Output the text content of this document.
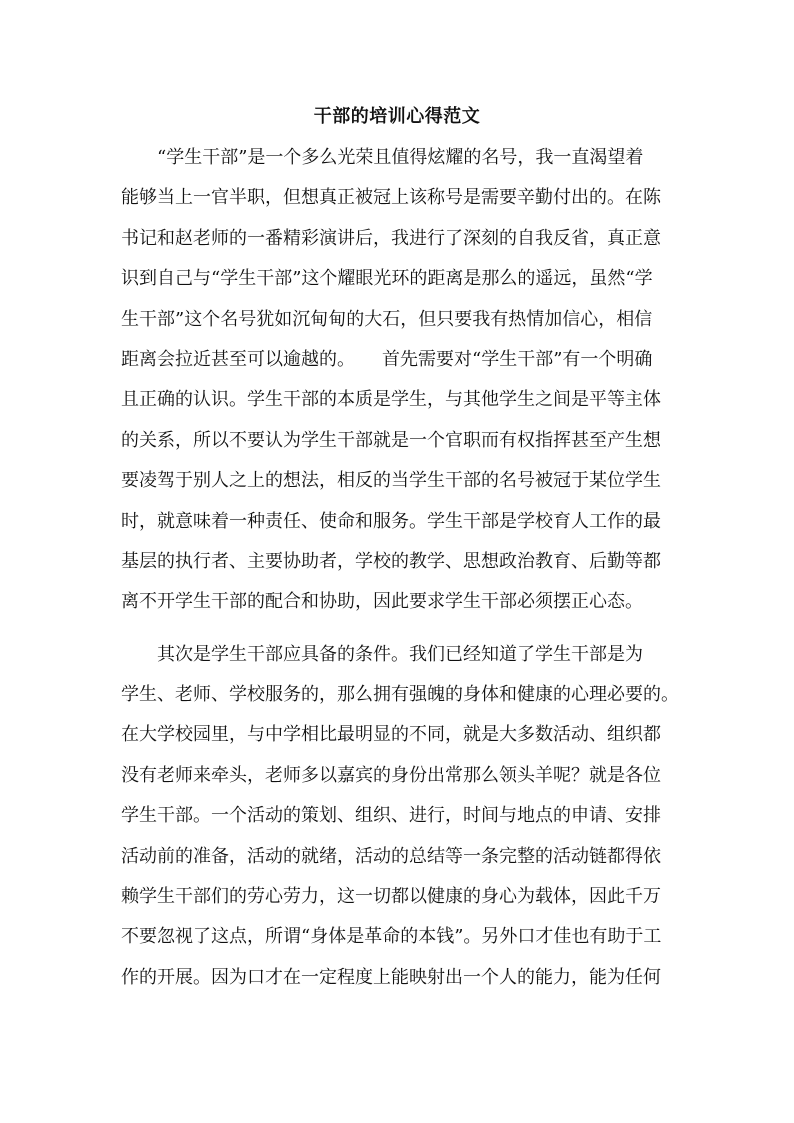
干部的培训心得范文
　　“学生干部”是一个多么光荣且值得炫耀的名号，我一直渴望着
能够当上一官半职，但想真正被冠上该称号是需要辛勤付出的。在陈
书记和赵老师的一番精彩演讲后，我进行了深刻的自我反省，真正意
识到自己与“学生干部”这个耀眼光环的距离是那么的遥远，虽然“学
生干部”这个名号犹如沉甸甸的大石，但只要我有热情加信心，相信
距离会拉近甚至可以逾越的。　　首先需要对“学生干部”有一个明确
且正确的认识。学生干部的本质是学生，与其他学生之间是平等主体
的关系，所以不要认为学生干部就是一个官职而有权指挥甚至产生想
要凌驾于别人之上的想法，相反的当学生干部的名号被冠于某位学生
时，就意味着一种责任、使命和服务。学生干部是学校育人工作的最
基层的执行者、主要协助者，学校的教学、思想政治教育、后勤等都
离不开学生干部的配合和协助，因此要求学生干部必须摆正心态。
　　其次是学生干部应具备的条件。我们已经知道了学生干部是为
学生、老师、学校服务的，那么拥有强魄的身体和健康的心理必要的。
在大学校园里，与中学相比最明显的不同，就是大多数活动、组织都
没有老师来牵头，老师多以嘉宾的身份出常那么领头羊呢？就是各位
学生干部。一个活动的策划、组织、进行，时间与地点的申请、安排
活动前的准备，活动的就绪，活动的总结等一条完整的活动链都得依
赖学生干部们的劳心劳力，这一切都以健康的身心为载体，因此千万
不要忽视了这点，所谓“身体是革命的本钱”。另外口才佳也有助于工
作的开展。因为口才在一定程度上能映射出一个人的能力，能为任何
